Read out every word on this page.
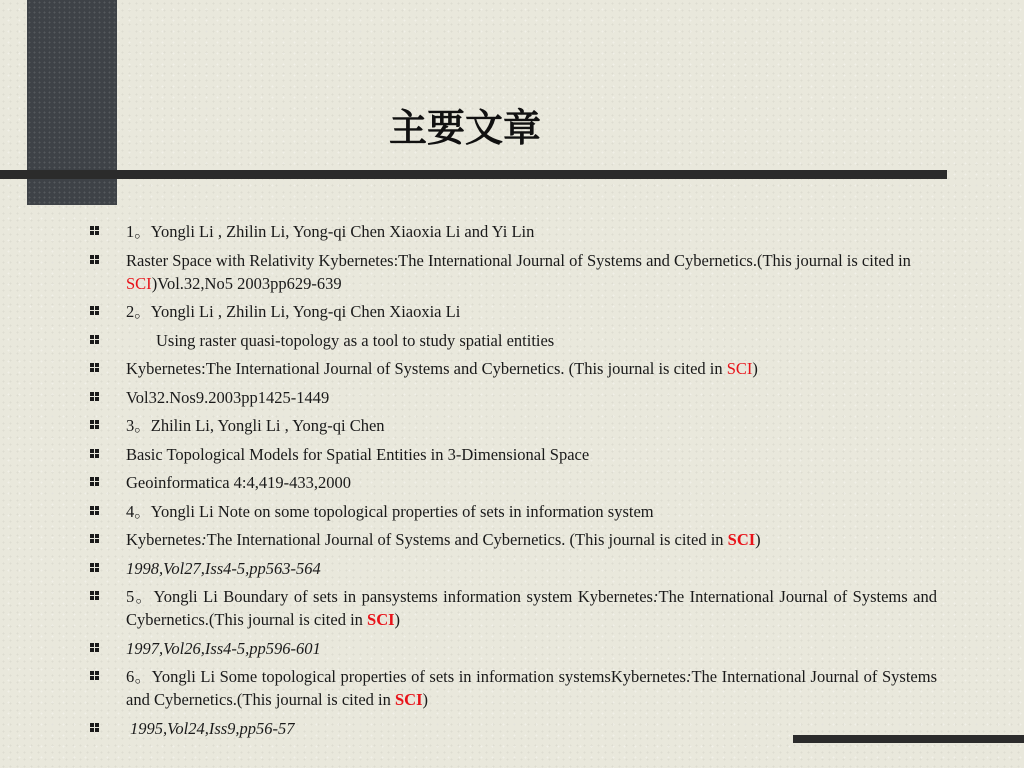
主要文章
1。Yongli Li , Zhilin Li, Yong-qi Chen Xiaoxia Li and Yi Lin
Raster Space with Relativity Kybernetes:The International Journal of Systems and Cybernetics.(This journal is cited in SCI)Vol.32,No5 2003pp629-639
2。Yongli Li , Zhilin Li, Yong-qi Chen Xiaoxia Li
Using raster quasi-topology as a tool to study spatial entities
Kybernetes:The International Journal of Systems and Cybernetics. (This journal is cited in SCI)
Vol32.Nos9.2003pp1425-1449
3。Zhilin Li, Yongli Li , Yong-qi Chen
Basic Topological Models for Spatial Entities in 3-Dimensional Space
Geoinformatica 4:4,419-433,2000
4。Yongli Li Note on some topological properties of sets in information system
Kybernetes:The International Journal of Systems and Cybernetics. (This journal is cited in SCI)
1998,Vol27,Iss4-5,pp563-564
5。Yongli Li Boundary of sets in pansystems information system Kybernetes:The International Journal of Systems and Cybernetics.(This journal is cited in SCI)
1997,Vol26,Iss4-5,pp596-601
6。Yongli Li Some topological properties of sets in information systemsKybernetes:The International Journal of Systems and Cybernetics.(This journal is cited in SCI)
1995,Vol24,Iss9,pp56-57
